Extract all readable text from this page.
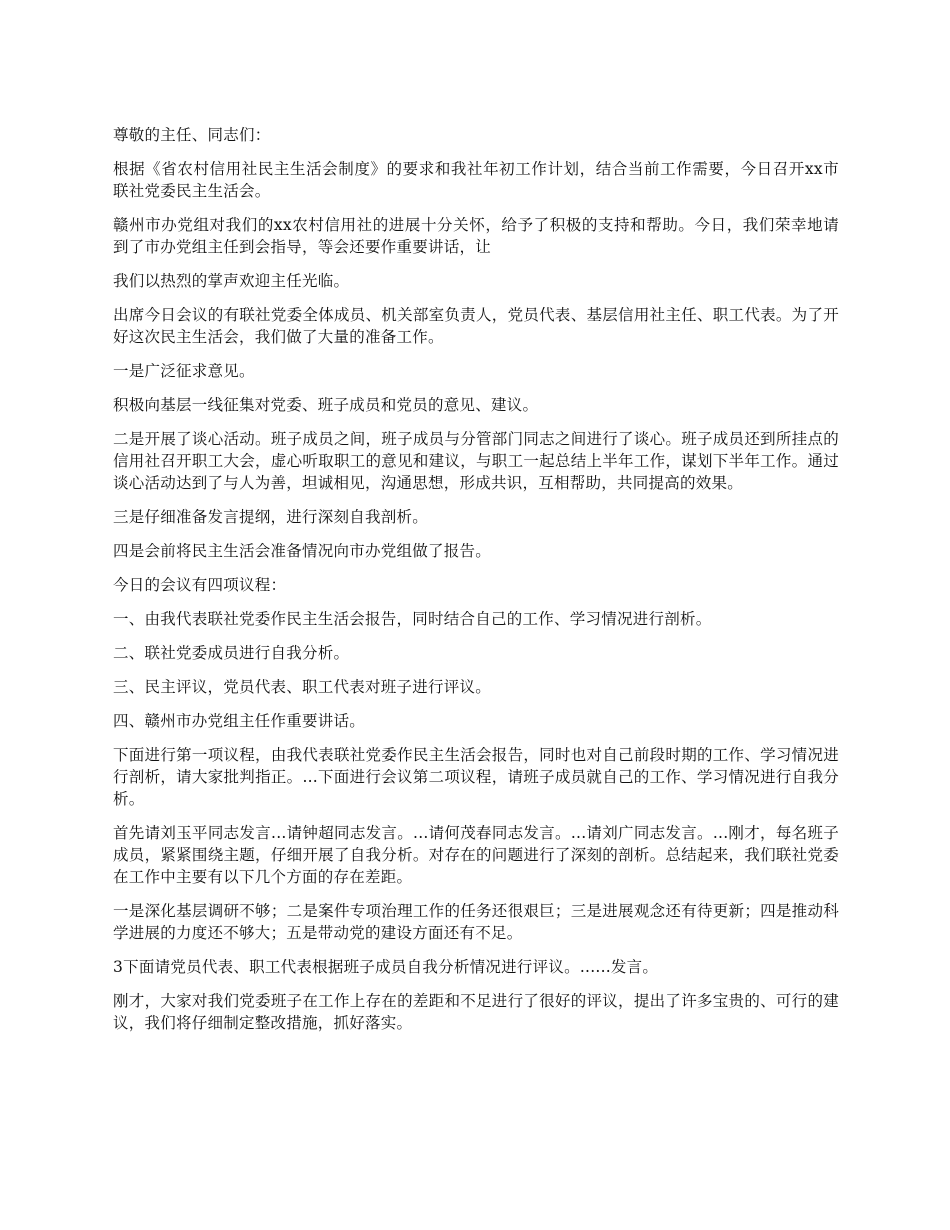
尊敬的主任、同志们：

根据《省农村信用社民主生活会制度》的要求和我社年初工作计划，结合当前工作需要，今日召开xx市联社党委民主生活会。

赣州市办党组对我们的xx农村信用社的进展十分关怀，给予了积极的支持和帮助。今日，我们荣幸地请到了市办党组主任到会指导，等会还要作重要讲话，让

我们以热烈的掌声欢迎主任光临。

出席今日会议的有联社党委全体成员、机关部室负责人，党员代表、基层信用社主任、职工代表。为了开好这次民主生活会，我们做了大量的准备工作。

一是广泛征求意见。

积极向基层一线征集对党委、班子成员和党员的意见、建议。

二是开展了谈心活动。班子成员之间，班子成员与分管部门同志之间进行了谈心。班子成员还到所挂点的信用社召开职工大会，虚心听取职工的意见和建议，与职工一起总结上半年工作，谋划下半年工作。通过谈心活动达到了与人为善，坦诚相见，沟通思想，形成共识，互相帮助，共同提高的效果。

三是仔细准备发言提纲，进行深刻自我剖析。

四是会前将民主生活会准备情况向市办党组做了报告。

今日的会议有四项议程：

一、由我代表联社党委作民主生活会报告，同时结合自己的工作、学习情况进行剖析。

二、联社党委成员进行自我分析。

三、民主评议，党员代表、职工代表对班子进行评议。

四、赣州市办党组主任作重要讲话。

下面进行第一项议程，由我代表联社党委作民主生活会报告，同时也对自己前段时期的工作、学习情况进行剖析，请大家批判指正。...下面进行会议第二项议程，请班子成员就自己的工作、学习情况进行自我分析。

首先请刘玉平同志发言...请钟超同志发言。...请何茂春同志发言。...请刘广同志发言。...刚才，每名班子成员，紧紧围绕主题，仔细开展了自我分析。对存在的问题进行了深刻的剖析。总结起来，我们联社党委在工作中主要有以下几个方面的存在差距。

一是深化基层调研不够；二是案件专项治理工作的任务还很艰巨；三是进展观念还有待更新；四是推动科学进展的力度还不够大；五是带动党的建设方面还有不足。

3下面请党员代表、职工代表根据班子成员自我分析情况进行评议。......发言。

刚才，大家对我们党委班子在工作上存在的差距和不足进行了很好的评议，提出了许多宝贵的、可行的建议，我们将仔细制定整改措施，抓好落实。
